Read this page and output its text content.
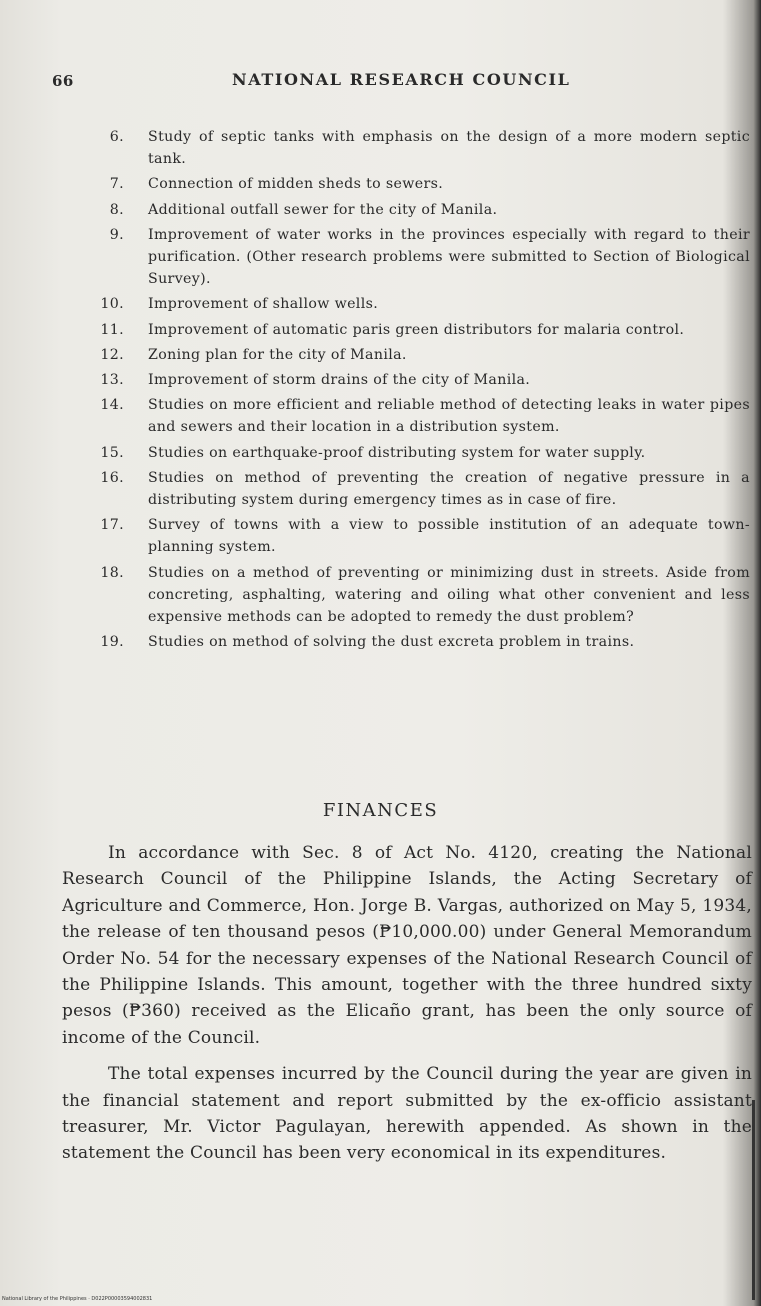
66	NATIONAL RESEARCH COUNCIL
6. Study of septic tanks with emphasis on the design of a more modern septic tank.
7. Connection of midden sheds to sewers.
8. Additional outfall sewer for the city of Manila.
9. Improvement of water works in the provinces especially with regard to their purification. (Other research problems were submitted to Section of Biological Survey).
10. Improvement of shallow wells.
11. Improvement of automatic paris green distributors for malaria control.
12. Zoning plan for the city of Manila.
13. Improvement of storm drains of the city of Manila.
14. Studies on more efficient and reliable method of detecting leaks in water pipes and sewers and their location in a distribution system.
15. Studies on earthquake-proof distributing system for water supply.
16. Studies on method of preventing the creation of negative pressure in a distributing system during emergency times as in case of fire.
17. Survey of towns with a view to possible institution of an adequate town-planning system.
18. Studies on a method of preventing or minimizing dust in streets. Aside from concreting, asphalting, watering and oiling what other convenient and less expensive methods can be adopted to remedy the dust problem?
19. Studies on method of solving the dust excreta problem in trains.
FINANCES

In accordance with Sec. 8 of Act No. 4120, creating the National Research Council of the Philippine Islands, the Acting Secretary of Agriculture and Commerce, Hon. Jorge B. Vargas, authorized on May 5, 1934, the release of ten thousand pesos (₱10,000.00) under General Memorandum Order No. 54 for the necessary expenses of the National Research Council of the Philippine Islands. This amount, together with the three hundred sixty pesos (₱360) received as the Elicaño grant, has been the only source of income of the Council.

The total expenses incurred by the Council during the year are given in the financial statement and report submitted by the ex-officio assistant treasurer, Mr. Victor Pagulayan, herewith appended. As shown in the statement the Council has been very economical in its expenditures.

National Library of the Philippines · D022P00003594002831
